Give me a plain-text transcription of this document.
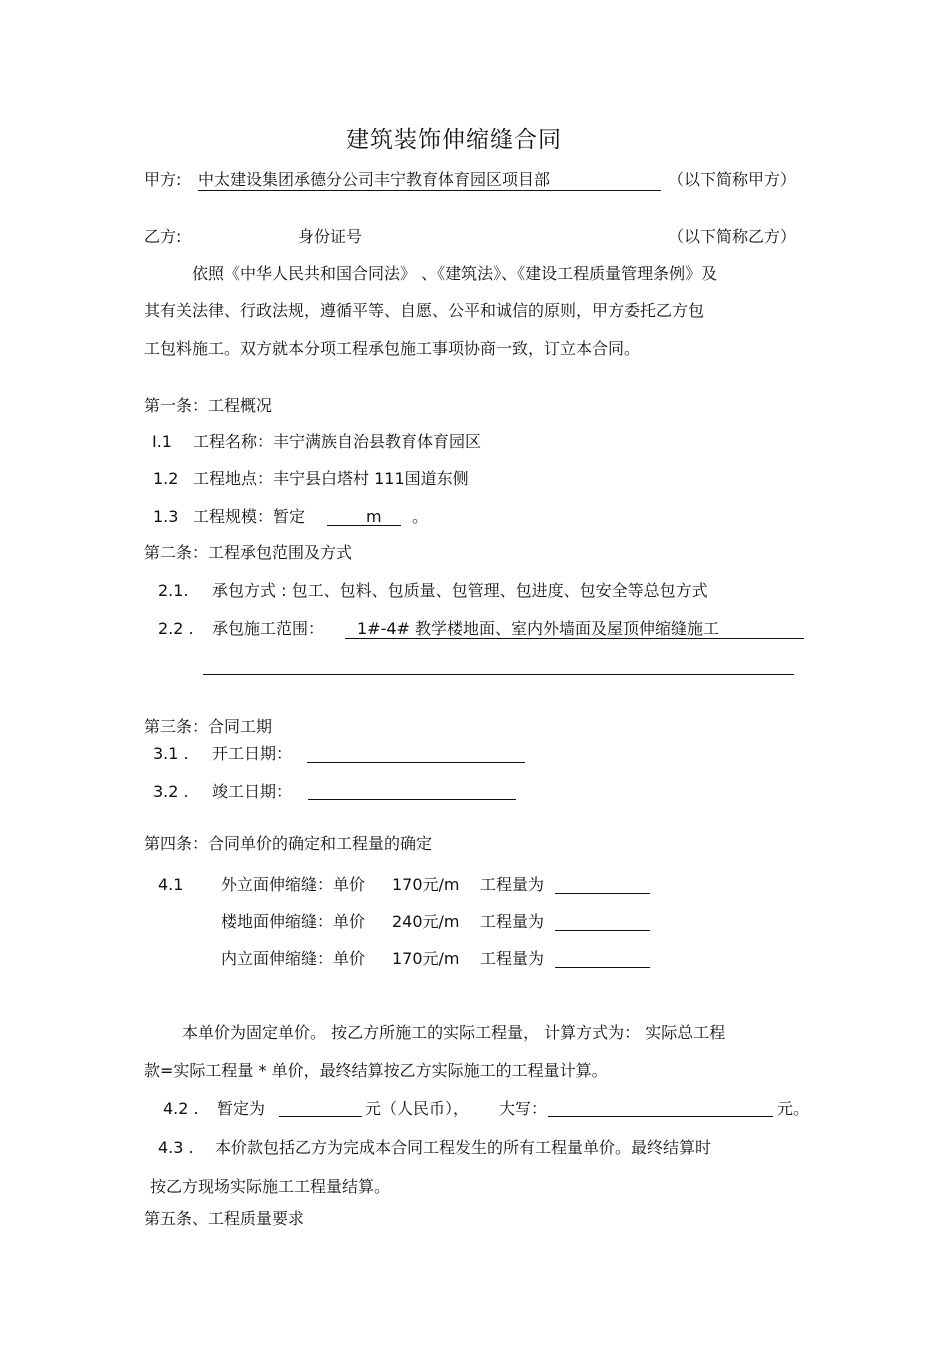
建筑装饰伸缩缝合同
甲方: 中太建设集团承德分公司丰宁教育体育园区项目部	（以下简称甲方）
乙方:	身份证号	（以下简称乙方）
依照《中华人民共和国合同法》 、《建筑法》、《建设工程质量管理条例》及
其有关法律、行政法规，遵循平等、自愿、公平和诚信的原则，甲方委托乙方包
工包料施工。双方就本分项工程承包施工事项协商一致，订立本合同。
第一条：工程概况
I.1 工程名称：丰宁满族自治县教育体育园区
1.2 工程地点：丰宁县白塔村 111国道东侧
1.3 工程规模：暂定	m 。
第二条：工程承包范围及方式
2.1. 承包方式 : 包工、包料、包质量、包管理、包进度、包安全等总包方式
2.2 . 承包施工范围： 1#-4# 教学楼地面、室内外墙面及屋顶伸缩缝施工
第三条：合同工期
3.1 . 开工日期：
3.2 . 竣工日期：
第四条：合同单价的确定和工程量的确定
4.1 外立面伸缩缝：单价 170元/m 工程量为
楼地面伸缩缝：单价 240元/m 工程量为
内立面伸缩缝：单价 170元/m 工程量为
本单价为固定单价。 按乙方所施工的实际工程量， 计算方式为： 实际总工程
款=实际工程量 * 单价，最终结算按乙方实际施工的工程量计算。
4.2 . 暂定为	元（人民币）， 大写：	元。
4.3 . 本价款包括乙方为完成本合同工程发生的所有工程量单价。最终结算时
按乙方现场实际施工工程量结算。
第五条、工程质量要求
